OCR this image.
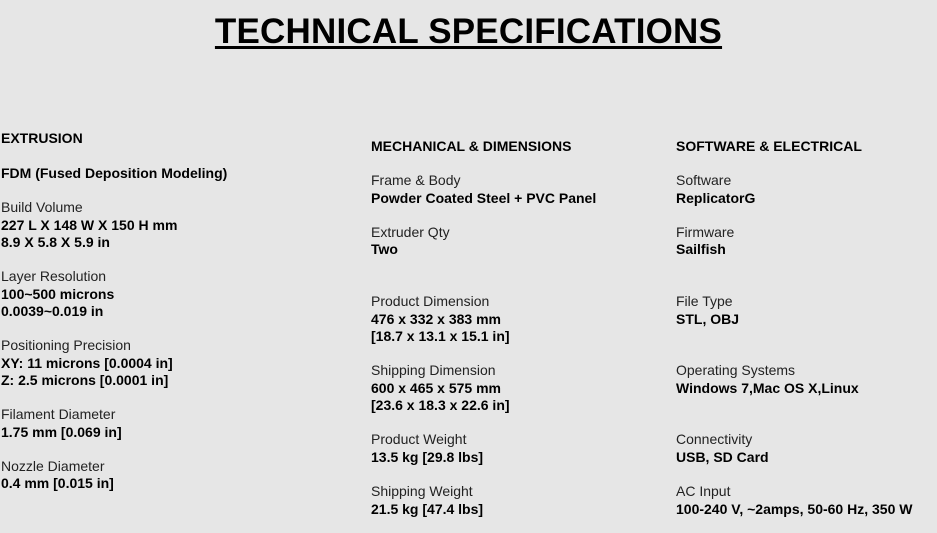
TECHNICAL SPECIFICATIONS
EXTRUSION
FDM (Fused Deposition Modeling)
Build Volume
227 L X 148 W X 150 H mm
8.9 X 5.8 X 5.9 in
Layer Resolution
100~500 microns
0.0039~0.019 in
Positioning Precision
XY: 11 microns [0.0004 in]
Z: 2.5 microns [0.0001 in]
Filament Diameter
1.75 mm [0.069 in]
Nozzle Diameter
0.4 mm [0.015 in]
MECHANICAL & DIMENSIONS
Frame & Body
Powder Coated Steel + PVC Panel
Extruder Qty
Two
Product Dimension
476 x 332 x 383 mm
[18.7 x 13.1 x 15.1 in]
Shipping Dimension
600 x 465 x 575 mm
[23.6 x 18.3 x 22.6 in]
Product Weight
13.5 kg [29.8 lbs]
Shipping Weight
21.5 kg [47.4 lbs]
SOFTWARE & ELECTRICAL
Software
ReplicatorG
Firmware
Sailfish
File Type
STL, OBJ
Operating Systems
Windows 7,Mac OS X,Linux
Connectivity
USB, SD Card
AC Input
100-240 V, ~2amps, 50-60 Hz, 350 W
